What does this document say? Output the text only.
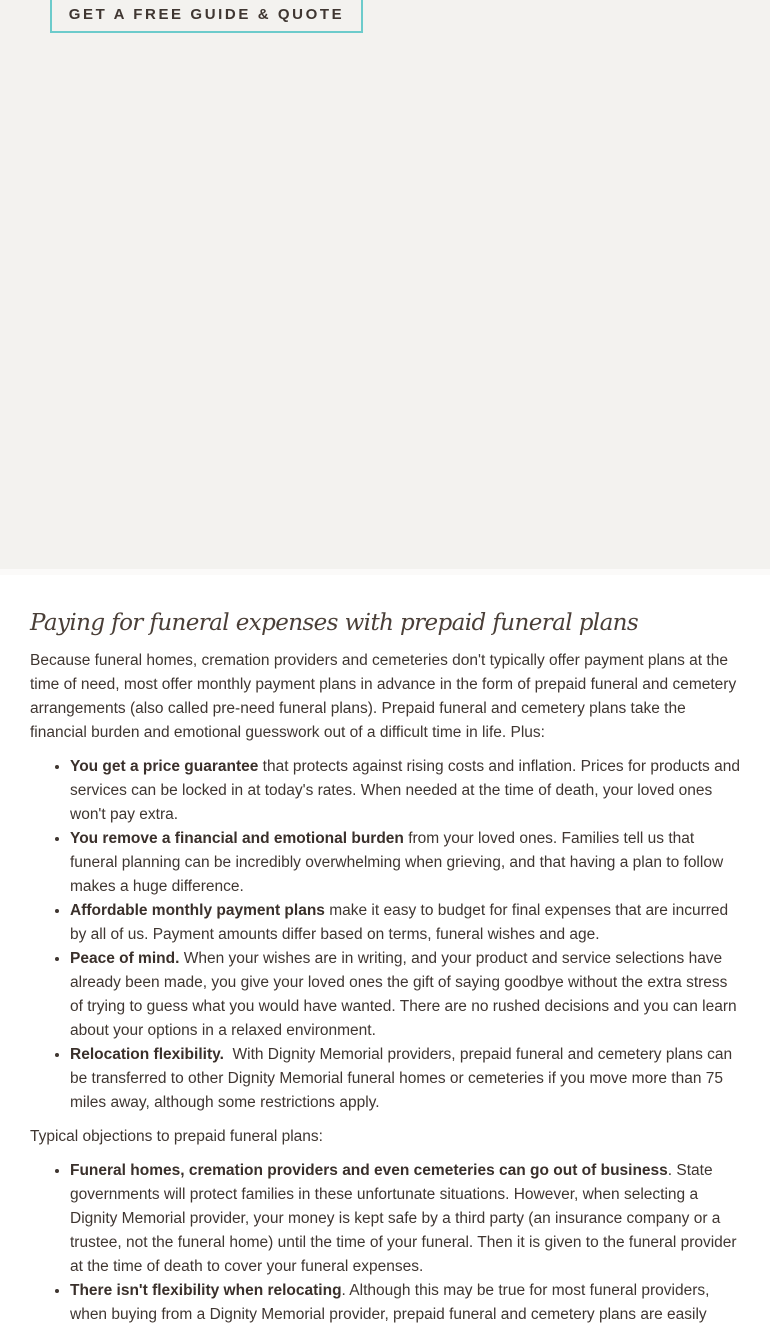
GET A FREE GUIDE & QUOTE
Paying for funeral expenses with prepaid funeral plans

Because funeral homes, cremation providers and cemeteries don't typically offer payment plans at the time of need, most offer monthly payment plans in advance in the form of prepaid funeral and cemetery arrangements (also called pre-need funeral plans). Prepaid funeral and cemetery plans take the financial burden and emotional guesswork out of a difficult time in life. Plus:

• You get a price guarantee that protects against rising costs and inflation. Prices for products and services can be locked in at today's rates. When needed at the time of death, your loved ones won't pay extra.
• You remove a financial and emotional burden from your loved ones. Families tell us that funeral planning can be incredibly overwhelming when grieving, and that having a plan to follow makes a huge difference.
• Affordable monthly payment plans make it easy to budget for final expenses that are incurred by all of us. Payment amounts differ based on terms, funeral wishes and age.
• Peace of mind. When your wishes are in writing, and your product and service selections have already been made, you give your loved ones the gift of saying goodbye without the extra stress of trying to guess what you would have wanted. There are no rushed decisions and you can learn about your options in a relaxed environment.
• Relocation flexibility.  With Dignity Memorial providers, prepaid funeral and cemetery plans can be transferred to other Dignity Memorial funeral homes or cemeteries if you move more than 75 miles away, although some restrictions apply.

Typical objections to prepaid funeral plans:

• Funeral homes, cremation providers and even cemeteries can go out of business. State governments will protect families in these unfortunate situations. However, when selecting a Dignity Memorial provider, your money is kept safe by a third party (an insurance company or a trustee, not the funeral home) until the time of your funeral. Then it is given to the funeral provider at the time of death to cover your funeral expenses.
• There isn't flexibility when relocating. Although this may be true for most funeral providers, when buying from a Dignity Memorial provider, prepaid funeral and cemetery plans are easily
